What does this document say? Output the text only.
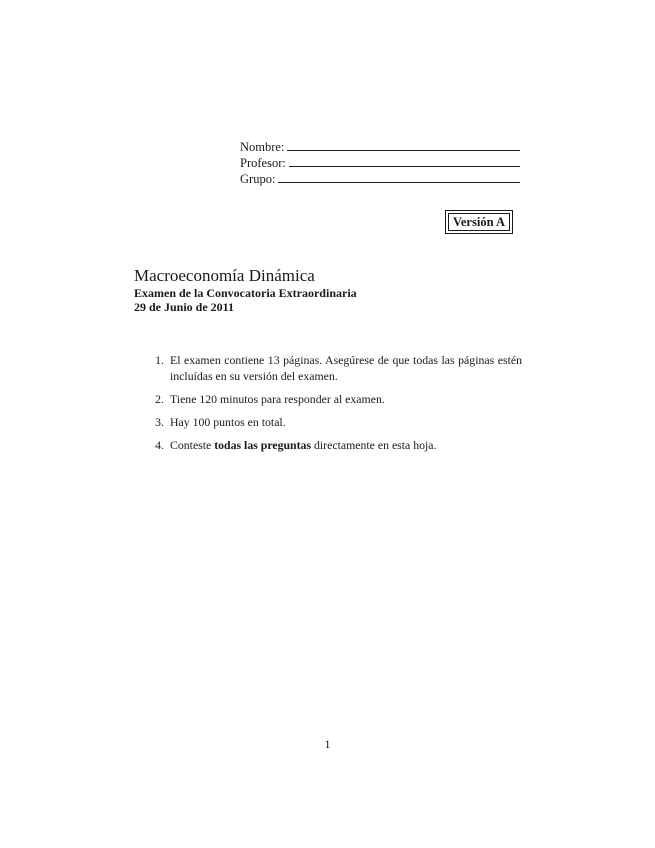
Nombre:
Profesor:
Grupo:
Versión A
Macroeconomía Dinámica

Examen de la Convocatoria Extraordinaria

29 de Junio de 2011

1. El examen contiene 13 páginas. Asegúrese de que todas las páginas estén incluídas en su versión del examen.
2. Tiene 120 minutos para responder al examen.
3. Hay 100 puntos en total.
4. Conteste todas las preguntas directamente en esta hoja.
1
